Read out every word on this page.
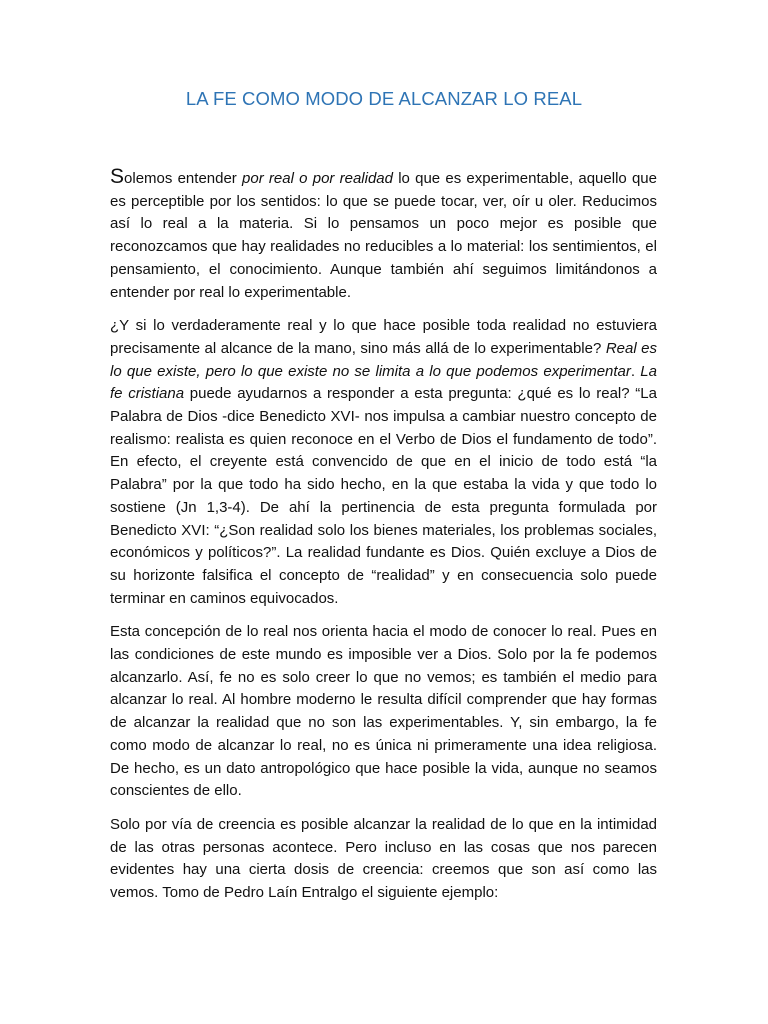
LA FE COMO MODO DE ALCANZAR LO REAL

Solemos entender por real o por realidad lo que es experimentable, aquello que es perceptible por los sentidos: lo que se puede tocar, ver, oír u oler. Reducimos así lo real a la materia. Si lo pensamos un poco mejor es posible que reconozcamos que hay realidades no reducibles a lo material: los sentimientos, el pensamiento, el conocimiento. Aunque también ahí seguimos limitándonos a entender por real lo experimentable.

¿Y si lo verdaderamente real y lo que hace posible toda realidad no estuviera precisamente al alcance de la mano, sino más allá de lo experimentable? Real es lo que existe, pero lo que existe no se limita a lo que podemos experimentar. La fe cristiana puede ayudarnos a responder a esta pregunta: ¿qué es lo real? “La Palabra de Dios -dice Benedicto XVI- nos impulsa a cambiar nuestro concepto de realismo: realista es quien reconoce en el Verbo de Dios el fundamento de todo”. En efecto, el creyente está convencido de que en el inicio de todo está “la Palabra” por la que todo ha sido hecho, en la que estaba la vida y que todo lo sostiene (Jn 1,3-4). De ahí la pertinencia de esta pregunta formulada por Benedicto XVI: “¿Son realidad solo los bienes materiales, los problemas sociales, económicos y políticos?”. La realidad fundante es Dios. Quién excluye a Dios de su horizonte falsifica el concepto de “realidad” y en consecuencia solo puede terminar en caminos equivocados.

Esta concepción de lo real nos orienta hacia el modo de conocer lo real. Pues en las condiciones de este mundo es imposible ver a Dios. Solo por la fe podemos alcanzarlo. Así, fe no es solo creer lo que no vemos; es también el medio para alcanzar lo real. Al hombre moderno le resulta difícil comprender que hay formas de alcanzar la realidad que no son las experimentables. Y, sin embargo, la fe como modo de alcanzar lo real, no es única ni primeramente una idea religiosa. De hecho, es un dato antropológico que hace posible la vida, aunque no seamos conscientes de ello.

Solo por vía de creencia es posible alcanzar la realidad de lo que en la intimidad de las otras personas acontece. Pero incluso en las cosas que nos parecen evidentes hay una cierta dosis de creencia: creemos que son así como las vemos. Tomo de Pedro Laín Entralgo el siguiente ejemplo:
